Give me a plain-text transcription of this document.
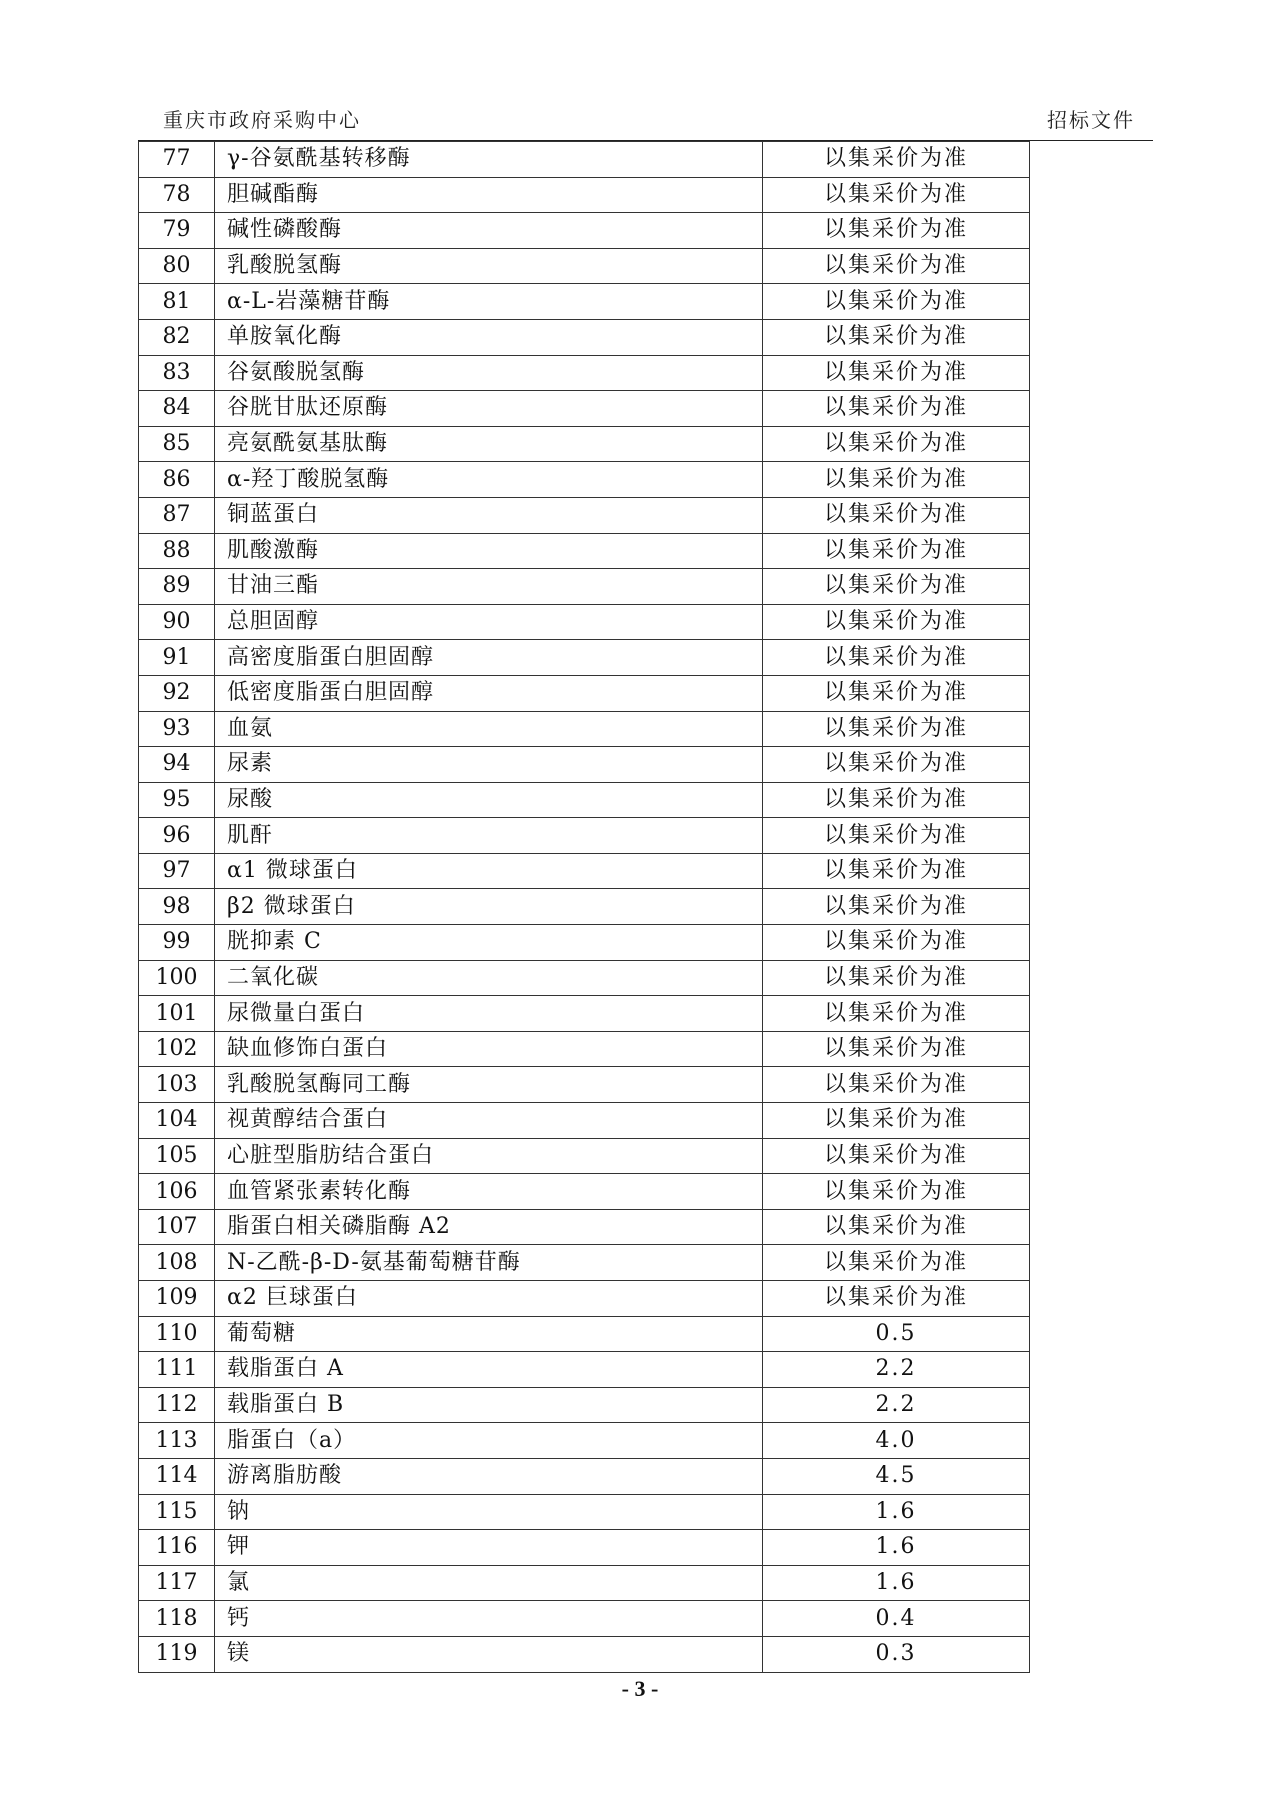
重庆市政府采购中心	招标文件
77	γ-谷氨酰基转移酶	以集采价为准
78	胆碱酯酶	以集采价为准
79	碱性磷酸酶	以集采价为准
80	乳酸脱氢酶	以集采价为准
81	α-L-岩藻糖苷酶	以集采价为准
82	单胺氧化酶	以集采价为准
83	谷氨酸脱氢酶	以集采价为准
84	谷胱甘肽还原酶	以集采价为准
85	亮氨酰氨基肽酶	以集采价为准
86	α-羟丁酸脱氢酶	以集采价为准
87	铜蓝蛋白	以集采价为准
88	肌酸激酶	以集采价为准
89	甘油三酯	以集采价为准
90	总胆固醇	以集采价为准
91	高密度脂蛋白胆固醇	以集采价为准
92	低密度脂蛋白胆固醇	以集采价为准
93	血氨	以集采价为准
94	尿素	以集采价为准
95	尿酸	以集采价为准
96	肌酐	以集采价为准
97	α1 微球蛋白	以集采价为准
98	β2 微球蛋白	以集采价为准
99	胱抑素 C	以集采价为准
100	二氧化碳	以集采价为准
101	尿微量白蛋白	以集采价为准
102	缺血修饰白蛋白	以集采价为准
103	乳酸脱氢酶同工酶	以集采价为准
104	视黄醇结合蛋白	以集采价为准
105	心脏型脂肪结合蛋白	以集采价为准
106	血管紧张素转化酶	以集采价为准
107	脂蛋白相关磷脂酶 A2	以集采价为准
108	N-乙酰-β-D-氨基葡萄糖苷酶	以集采价为准
109	α2 巨球蛋白	以集采价为准
110	葡萄糖	0.5
111	载脂蛋白 A	2.2
112	载脂蛋白 B	2.2
113	脂蛋白（a）	4.0
114	游离脂肪酸	4.5
115	钠	1.6
116	钾	1.6
117	氯	1.6
118	钙	0.4
119	镁	0.3
- 3 -
